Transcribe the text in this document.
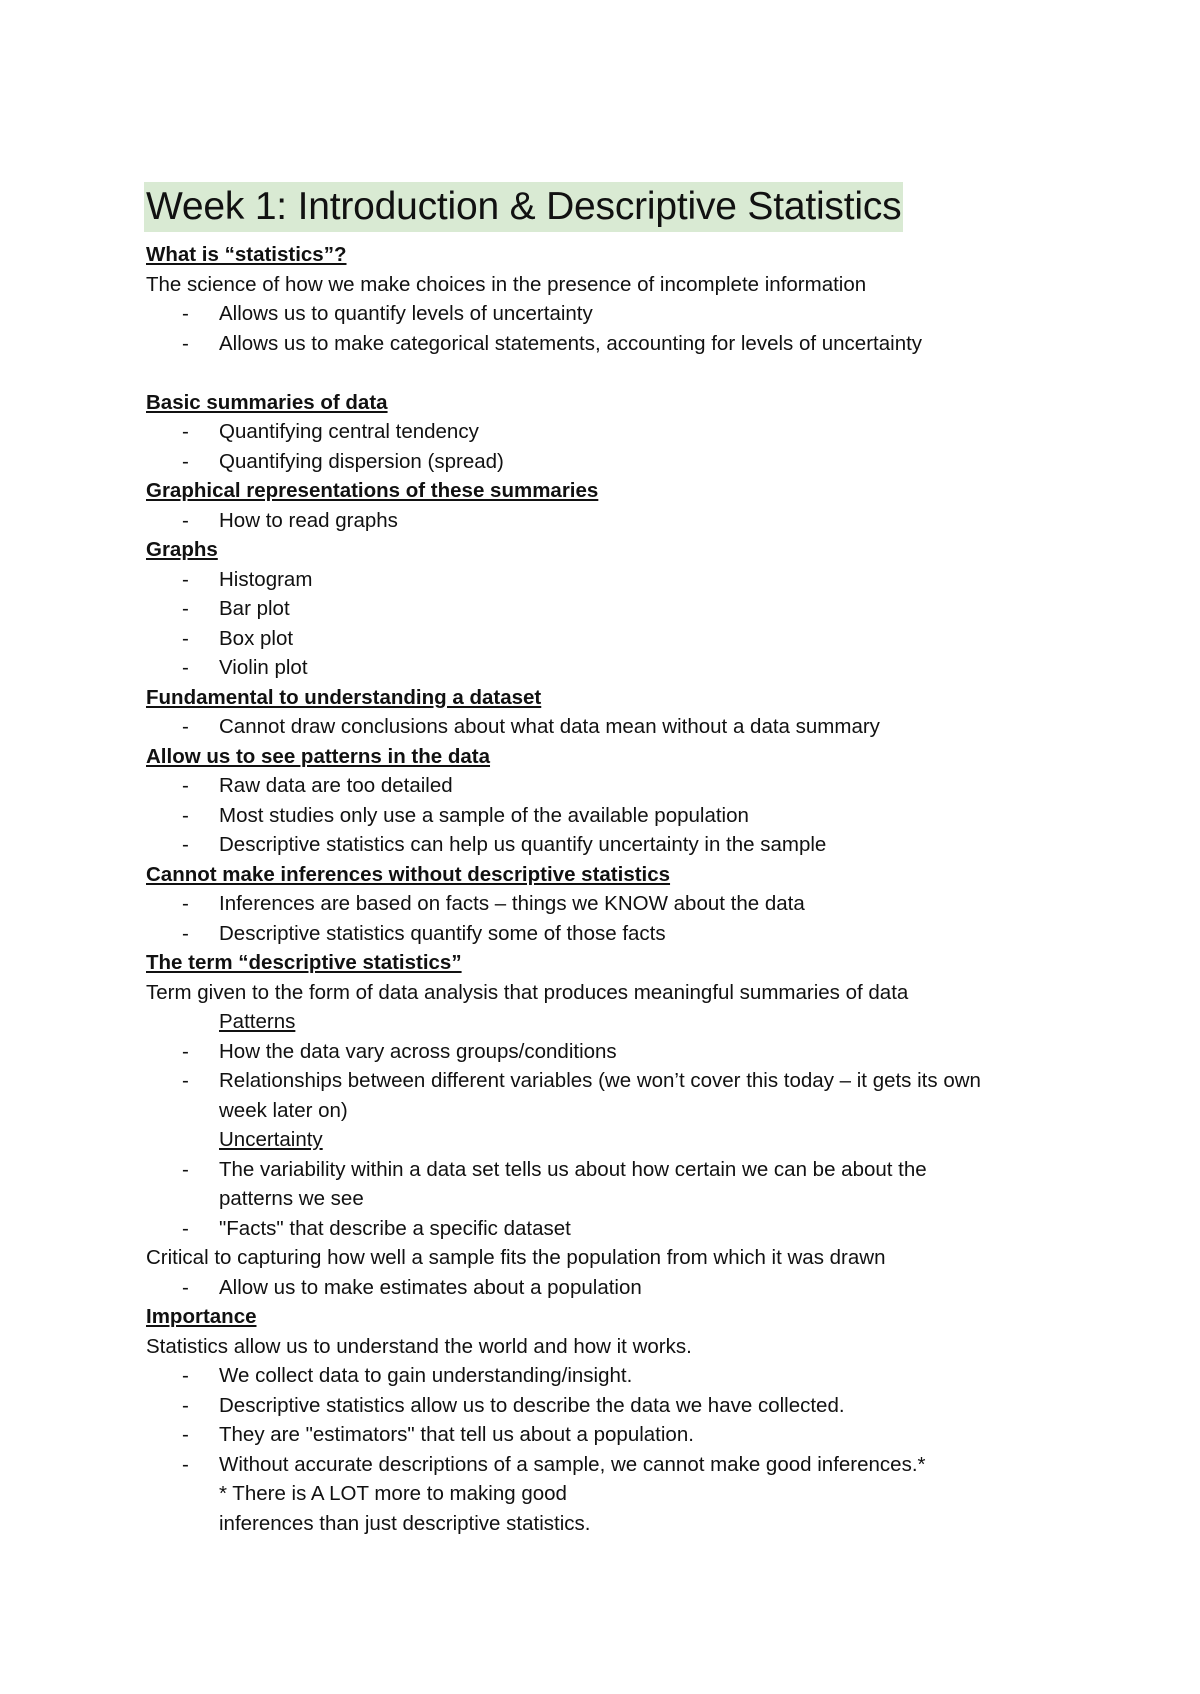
Week 1: Introduction & Descriptive Statistics
What is “statistics”?
The science of how we make choices in the presence of incomplete information
- Allows us to quantify levels of uncertainty
- Allows us to make categorical statements, accounting for levels of uncertainty
Basic summaries of data
- Quantifying central tendency
- Quantifying dispersion (spread)
Graphical representations of these summaries
- How to read graphs
Graphs
- Histogram
- Bar plot
- Box plot
- Violin plot
Fundamental to understanding a dataset
- Cannot draw conclusions about what data mean without a data summary
Allow us to see patterns in the data
- Raw data are too detailed
- Most studies only use a sample of the available population
- Descriptive statistics can help us quantify uncertainty in the sample
Cannot make inferences without descriptive statistics
- Inferences are based on facts – things we KNOW about the data
- Descriptive statistics quantify some of those facts
The term “descriptive statistics”
Term given to the form of data analysis that produces meaningful summaries of data
Patterns
- How the data vary across groups/conditions
- Relationships between different variables (we won’t cover this today – it gets its own
week later on)
Uncertainty
- The variability within a data set tells us about how certain we can be about the
patterns we see
- "Facts" that describe a specific dataset
Critical to capturing how well a sample fits the population from which it was drawn
- Allow us to make estimates about a population
Importance
Statistics allow us to understand the world and how it works.
- We collect data to gain understanding/insight.
- Descriptive statistics allow us to describe the data we have collected.
- They are "estimators" that tell us about a population.
- Without accurate descriptions of a sample, we cannot make good inferences.*
* There is A LOT more to making good
inferences than just descriptive statistics.
